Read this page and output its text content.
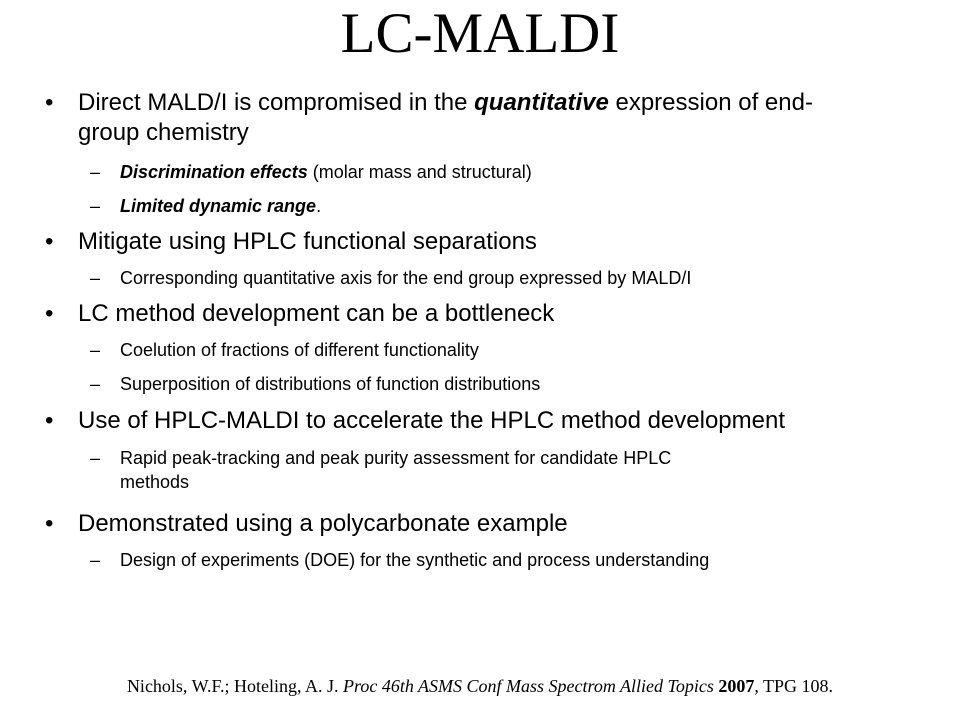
LC-MALDI
• Direct MALD/I is compromised in the quantitative expression of end-
group chemistry
– Discrimination effects (molar mass and structural)
– Limited dynamic range.
• Mitigate using HPLC functional separations
– Corresponding quantitative axis for the end group expressed by MALD/I
• LC method development can be a bottleneck
– Coelution of fractions of different functionality
– Superposition of distributions of function distributions
• Use of HPLC-MALDI to accelerate the HPLC method development
– Rapid peak-tracking and peak purity assessment for candidate HPLC
methods
• Demonstrated using a polycarbonate example
– Design of experiments (DOE) for the synthetic and process understanding
Nichols, W.F.; Hoteling, A. J. Proc 46th ASMS Conf Mass Spectrom Allied Topics 2007, TPG 108.
